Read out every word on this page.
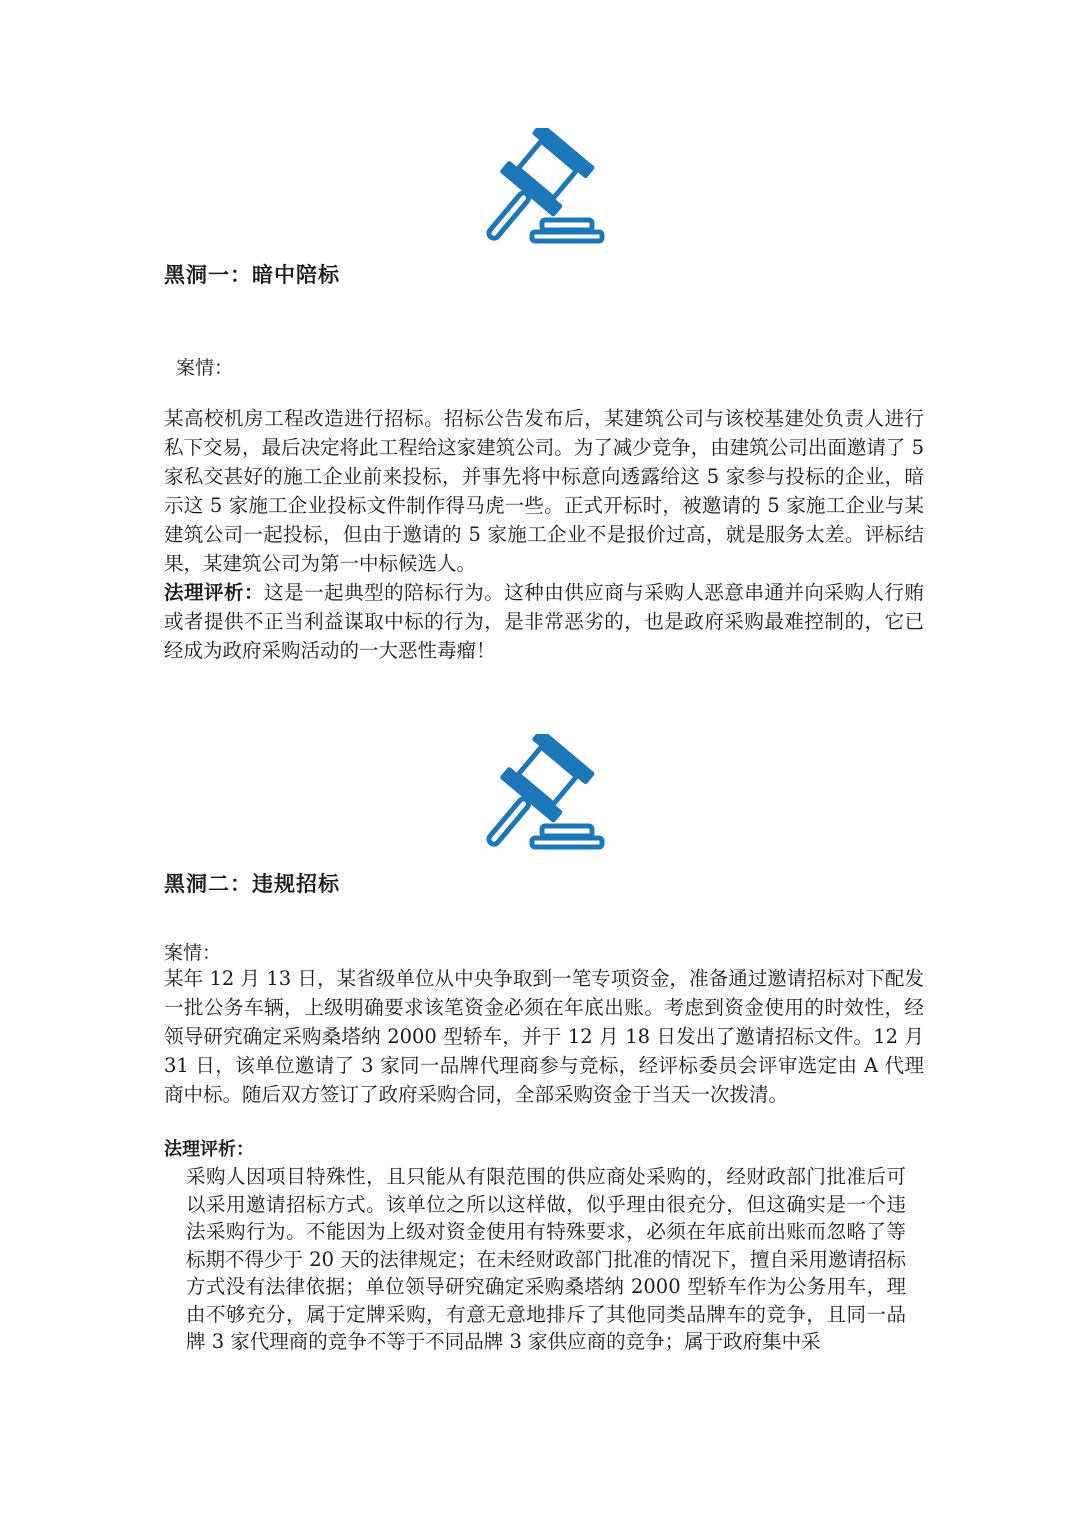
黑洞一：暗中陪标
案情：
某高校机房工程改造进行招标。招标公告发布后，某建筑公司与该校基建处负责人进行私下交易，最后决定将此工程给这家建筑公司。为了减少竞争，由建筑公司出面邀请了 5 家私交甚好的施工企业前来投标，并事先将中标意向透露给这 5 家参与投标的企业，暗示这 5 家施工企业投标文件制作得马虎一些。正式开标时，被邀请的 5 家施工企业与某建筑公司一起投标，但由于邀请的 5 家施工企业不是报价过高，就是服务太差。评标结果，某建筑公司为第一中标候选人。
法理评析：这是一起典型的陪标行为。这种由供应商与采购人恶意串通并向采购人行贿或者提供不正当利益谋取中标的行为，是非常恶劣的，也是政府采购最难控制的，它已经成为政府采购活动的一大恶性毒瘤！
黑洞二：违规招标
案情：
某年 12 月 13 日，某省级单位从中央争取到一笔专项资金，准备通过邀请招标对下配发一批公务车辆，上级明确要求该笔资金必须在年底出账。考虑到资金使用的时效性，经领导研究确定采购桑塔纳 2000 型轿车，并于 12 月 18 日发出了邀请招标文件。12 月 31 日，该单位邀请了 3 家同一品牌代理商参与竞标，经评标委员会评审选定由 A 代理商中标。随后双方签订了政府采购合同，全部采购资金于当天一次拨清。
法理评析：
采购人因项目特殊性，且只能从有限范围的供应商处采购的，经财政部门批准后可以采用邀请招标方式。该单位之所以这样做，似乎理由很充分，但这确实是一个违法采购行为。不能因为上级对资金使用有特殊要求，必须在年底前出账而忽略了等标期不得少于 20 天的法律规定；在未经财政部门批准的情况下，擅自采用邀请招标方式没有法律依据；单位领导研究确定采购桑塔纳 2000 型轿车作为公务用车，理由不够充分，属于定牌采购，有意无意地排斥了其他同类品牌车的竞争，且同一品牌 3 家代理商的竞争不等于不同品牌 3 家供应商的竞争；属于政府集中采
